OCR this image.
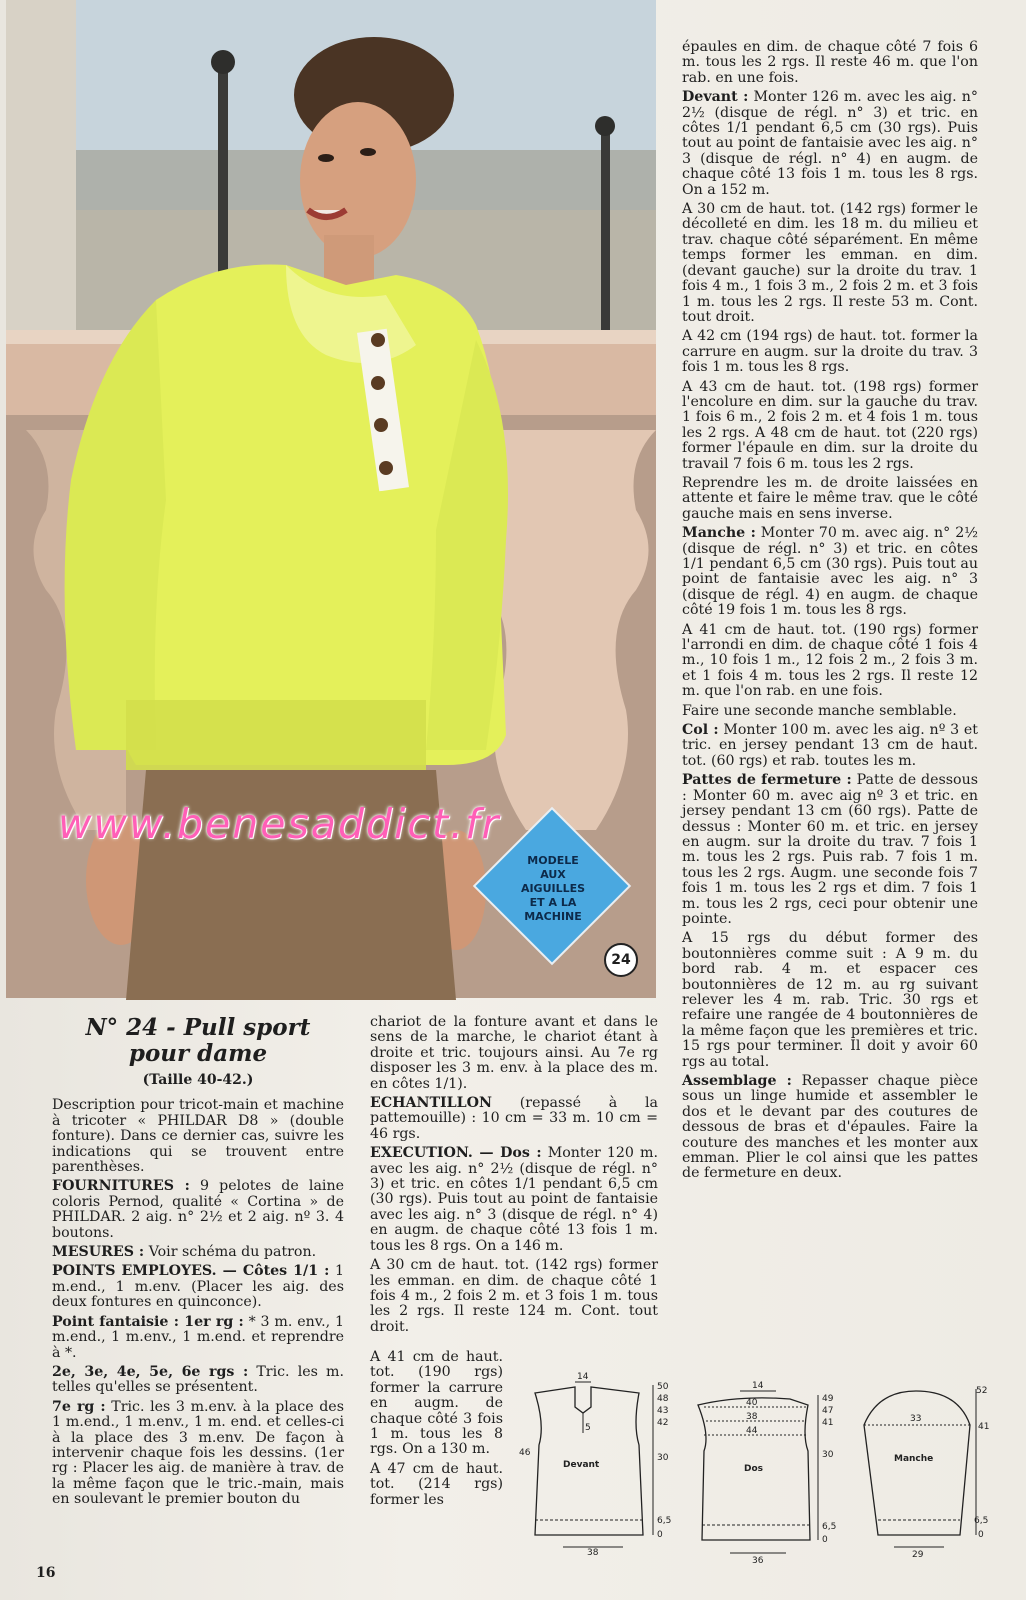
www.benesaddict.fr
MODELE
AUX
AIGUILLES
ET A LA
MACHINE
24
N° 24 - Pull sport
pour dame
(Taille 40-42.)

Description pour tricot-main et machine à tricoter « PHILDAR D8 » (double fonture). Dans ce dernier cas, suivre les indications qui se trouvent entre parenthèses.

FOURNITURES : 9 pelotes de laine coloris Pernod, qualité « Cortina » de PHILDAR. 2 aig. n° 2½ et 2 aig. nº 3. 4 boutons.

MESURES : Voir schéma du patron.

POINTS EMPLOYES. — Côtes 1/1 : 1 m.end., 1 m.env. (Placer les aig. des deux fontures en quinconce).

Point fantaisie : 1er rg : * 3 m. env., 1 m.end., 1 m.env., 1 m.end. et reprendre à *.

2e, 3e, 4e, 5e, 6e rgs : Tric. les m. telles qu'elles se présentent.

7e rg : Tric. les 3 m.env. à la place des 1 m.end., 1 m.env., 1 m. end. et celles-ci à la place des 3 m.env. De façon à intervenir chaque fois les dessins. (1er rg : Placer les aig. de manière à trav. de la même façon que le tric.-main, mais en soulevant le premier bouton du

chariot de la fonture avant et dans le sens de la marche, le chariot étant à droite et tric. toujours ainsi. Au 7e rg disposer les 3 m. env. à la place des m. en côtes 1/1).

ECHANTILLON (repassé à la pattemouille) : 10 cm = 33 m. 10 cm = 46 rgs.

EXECUTION. — Dos : Monter 120 m. avec les aig. n° 2½ (disque de régl. n° 3) et tric. en côtes 1/1 pendant 6,5 cm (30 rgs). Puis tout au point de fantaisie avec les aig. n° 3 (disque de régl. n° 4) en augm. de chaque côté 13 fois 1 m. tous les 8 rgs. On a 146 m.

A 30 cm de haut. tot. (142 rgs) former les emman. en dim. de chaque côté 1 fois 4 m., 2 fois 2 m. et 3 fois 1 m. tous les 2 rgs. Il reste 124 m. Cont. tout droit.

A 41 cm de haut. tot. (190 rgs) former la carrure en augm. de chaque côté 3 fois 1 m. tous les 8 rgs. On a 130 m.

A 47 cm de haut. tot. (214 rgs) former les

épaules en dim. de chaque côté 7 fois 6 m. tous les 2 rgs. Il reste 46 m. que l'on rab. en une fois.

Devant : Monter 126 m. avec les aig. n° 2½ (disque de régl. n° 3) et tric. en côtes 1/1 pendant 6,5 cm (30 rgs). Puis tout au point de fantaisie avec les aig. n° 3 (disque de régl. n° 4) en augm. de chaque côté 13 fois 1 m. tous les 8 rgs. On a 152 m.

A 30 cm de haut. tot. (142 rgs) former le décolleté en dim. les 18 m. du milieu et trav. chaque côté séparément. En même temps former les emman. en dim. (devant gauche) sur la droite du trav. 1 fois 4 m., 1 fois 3 m., 2 fois 2 m. et 3 fois 1 m. tous les 2 rgs. Il reste 53 m. Cont. tout droit.

A 42 cm (194 rgs) de haut. tot. former la carrure en augm. sur la droite du trav. 3 fois 1 m. tous les 8 rgs.

A 43 cm de haut. tot. (198 rgs) former l'encolure en dim. sur la gauche du trav. 1 fois 6 m., 2 fois 2 m. et 4 fois 1 m. tous les 2 rgs. A 48 cm de haut. tot (220 rgs) former l'épaule en dim. sur la droite du travail 7 fois 6 m. tous les 2 rgs.

Reprendre les m. de droite laissées en attente et faire le même trav. que le côté gauche mais en sens inverse.

Manche : Monter 70 m. avec aig. n° 2½ (disque de régl. n° 3) et tric. en côtes 1/1 pendant 6,5 cm (30 rgs). Puis tout au point de fantaisie avec les aig. n° 3 (disque de régl. 4) en augm. de chaque côté 19 fois 1 m. tous les 8 rgs.

A 41 cm de haut. tot. (190 rgs) former l'arrondi en dim. de chaque côté 1 fois 4 m., 10 fois 1 m., 12 fois 2 m., 2 fois 3 m. et 1 fois 4 m. tous les 2 rgs. Il reste 12 m. que l'on rab. en une fois.

Faire une seconde manche semblable.

Col : Monter 100 m. avec les aig. nº 3 et tric. en jersey pendant 13 cm de haut. tot. (60 rgs) et rab. toutes les m.

Pattes de fermeture : Patte de dessous : Monter 60 m. avec aig nº 3 et tric. en jersey pendant 13 cm (60 rgs). Patte de dessus : Monter 60 m. et tric. en jersey en augm. sur la droite du trav. 7 fois 1 m. tous les 2 rgs. Puis rab. 7 fois 1 m. tous les 2 rgs. Augm. une seconde fois 7 fois 1 m. tous les 2 rgs et dim. 7 fois 1 m. tous les 2 rgs, ceci pour obtenir une pointe.

A 15 rgs du début former des boutonnières comme suit : A 9 m. du bord rab. 4 m. et espacer ces boutonnières de 12 m. au rg suivant relever les 4 m. rab. Tric. 30 rgs et refaire une rangée de 4 boutonnières de la même façon que les premières et tric. 15 rgs pour terminer. Il doit y avoir 60 rgs au total.

Assemblage : Repasser chaque pièce sous un linge humide et assembler le dos et le devant par des coutures de dessous de bras et d'épaules. Faire la couture des manches et les monter aux emman. Plier le col ainsi que les pattes de fermeture en deux.

14
46
5
Devant
38
50
48
43
42
30
6,5
0
14
40
38
44
Dos
36
49
47
41
30
6,5
0
33
Manche
29
52
41
6,5
0
16
